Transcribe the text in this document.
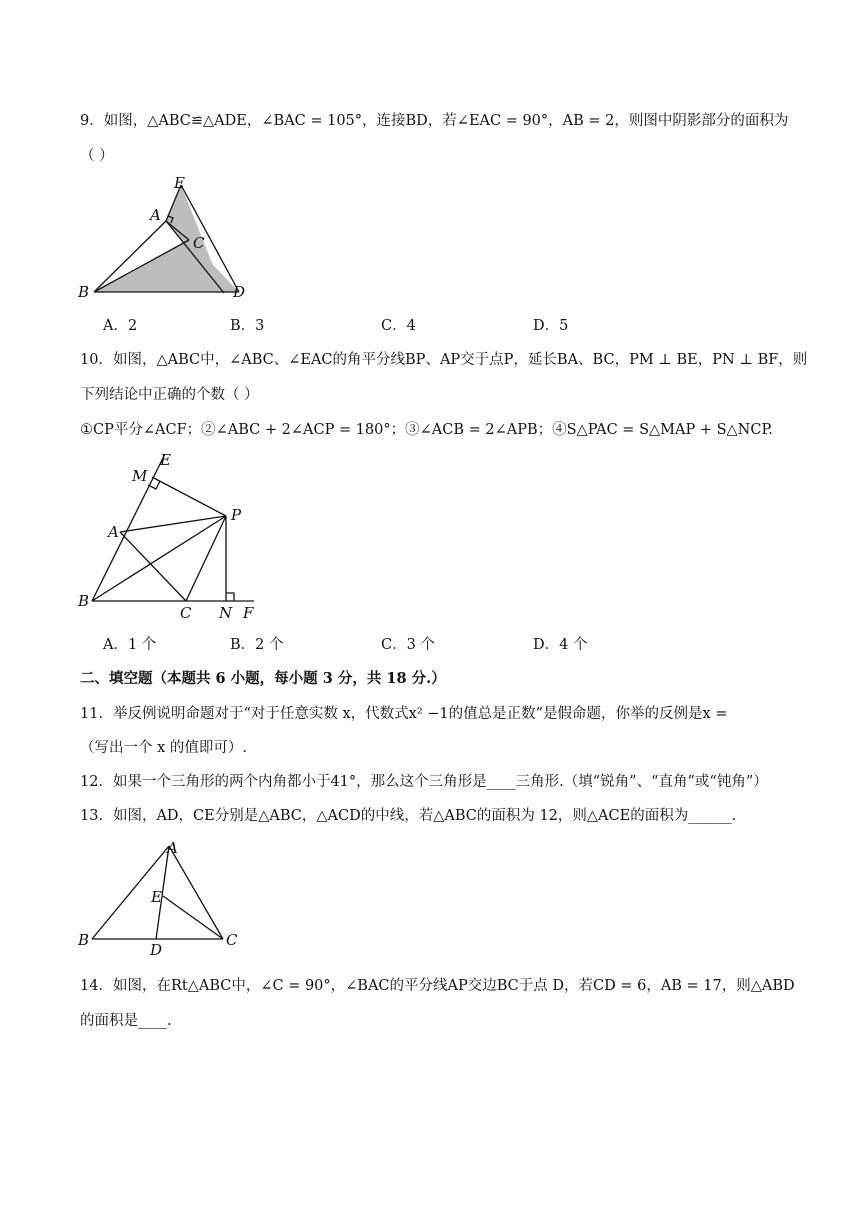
9．如图，△ABC≌△ADE，∠BAC = 105°，连接BD，若∠EAC = 90°，AB = 2，则图中阴影部分的面积为
（ ）
E
A
C
B	D
A．2	B．3	C．4	D．5
10．如图，△ABC中，∠ABC、∠EAC的角平分线BP、AP交于点P，延长BA、BC，PM ⊥ BE，PN ⊥ BF，则
下列结论中正确的个数（ ）
①CP平分∠ACF；②∠ABC + 2∠ACP = 180°；③∠ACB = 2∠APB；④S△PAC = S△MAP + S△NCP.
E
M
A
P
B
C N F
A．1 个	B．2 个	C．3 个	D．4 个
二、填空题（本题共 6 小题，每小题 3 分，共 18 分.）
11．举反例说明命题对于“对于任意实数 x，代数式x² −1的值总是正数”是假命题，你举的反例是x =
（写出一个 x 的值即可）.
12．如果一个三角形的两个内角都小于41°，那么这个三角形是____三角形.（填“锐角”、“直角”或“钝角”）
13．如图，AD，CE分别是△ABC，△ACD的中线，若△ABC的面积为 12，则△ACE的面积为______.
A
E
B
D
C
14．如图，在Rt△ABC中，∠C = 90°，∠BAC的平分线AP交边BC于点 D，若CD = 6，AB = 17，则△ABD
的面积是____.
